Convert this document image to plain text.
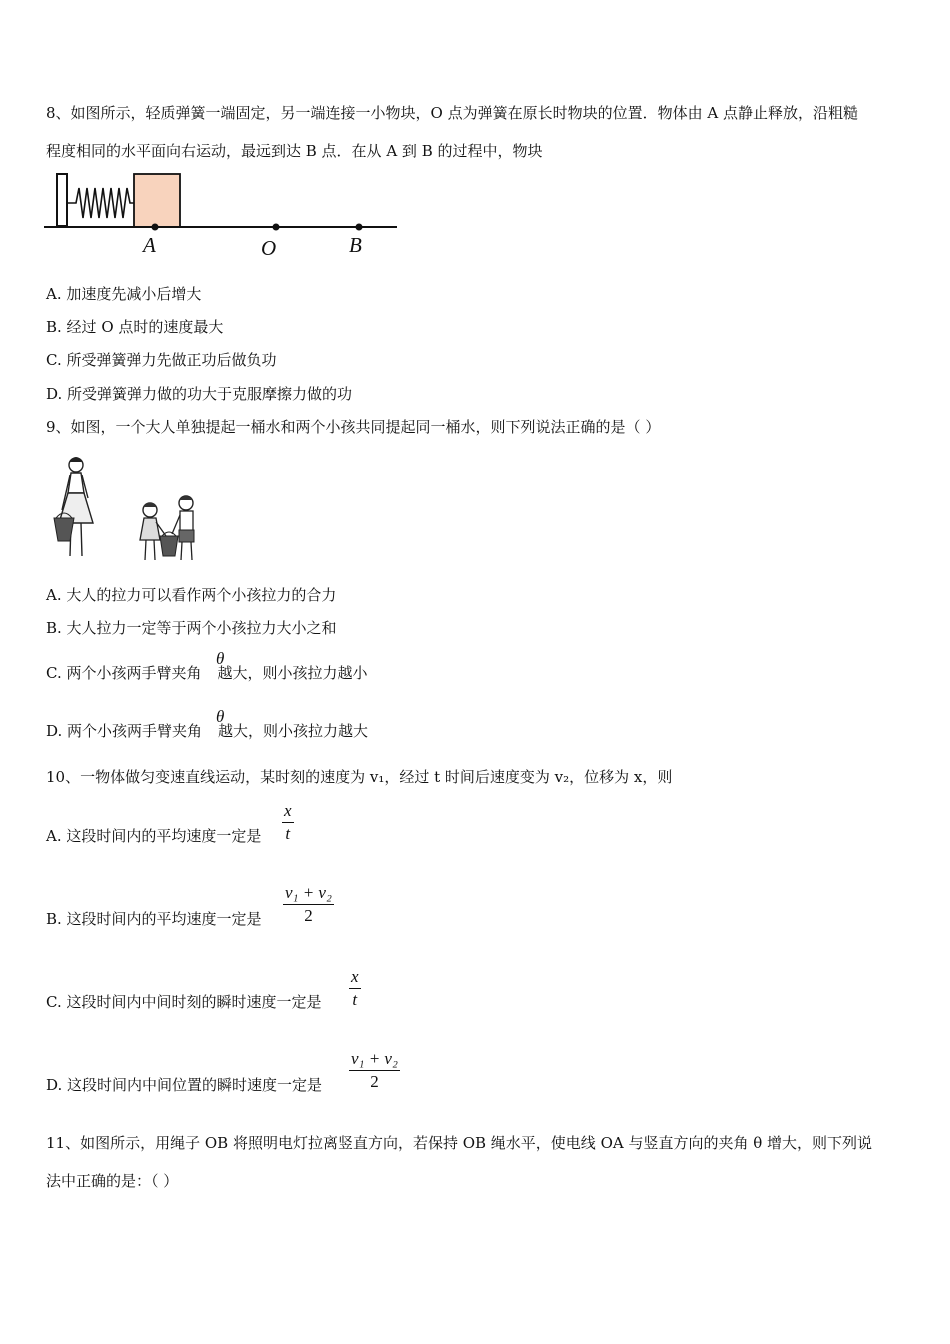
8、如图所示，轻质弹簧一端固定，另一端连接一小物块，O 点为弹簧在原长时物块的位置．物体由 A 点静止释放，沿粗糙
程度相同的水平面向右运动，最远到达 B 点．在从 A 到 B 的过程中，物块
A	O	B
A. 加速度先减小后增大
B. 经过 O 点时的速度最大
C. 所受弹簧弹力先做正功后做负功
D. 所受弹簧弹力做的功大于克服摩擦力做的功
9、如图，一个大人单独提起一桶水和两个小孩共同提起同一桶水，则下列说法正确的是（ ）
A. 大人的拉力可以看作两个小孩拉力的合力
B. 大人拉力一定等于两个小孩拉力大小之和
C. 两个小孩两手臂夹角 越大，则小孩拉力越小
θ
D. 两个小孩两手臂夹角 越大，则小孩拉力越大
θ
10、一物体做匀变速直线运动，某时刻的速度为 v₁，经过 t 时间后速度变为 v₂，位移为 x，则
A. 这段时间内的平均速度一定是
x
t
B. 这段时间内的平均速度一定是
v₁ + v₂
2
C. 这段时间内中间时刻的瞬时速度一定是
x
t
D. 这段时间内中间位置的瞬时速度一定是
v₁ + v₂
2
11、如图所示，用绳子 OB 将照明电灯拉离竖直方向，若保持 OB 绳水平，使电线 OA 与竖直方向的夹角 θ 增大，则下列说
法中正确的是：（ ）
